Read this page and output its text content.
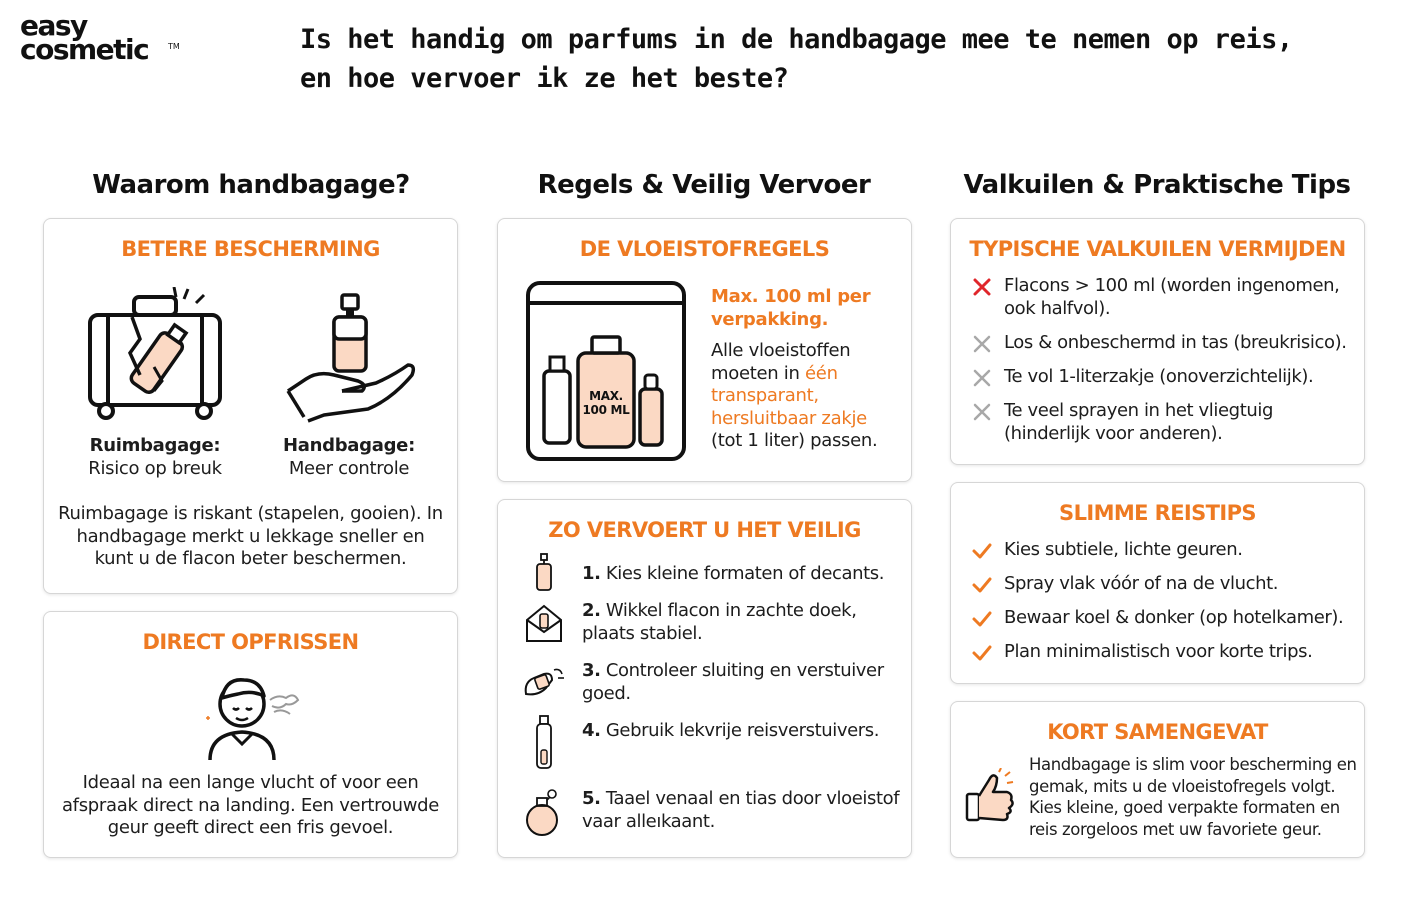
easy
cosmetic	TM	Is het handig om parfums in de handbagage mee te nemen op reis, en hoe vervoer ik ze het beste?
Waarom handbagage?	Regels & Veilig Vervoer	Valkuilen & Praktische Tips
BETERE BESCHERMING
Ruimbagage:
Risico op breuk
Handbagage:
Meer controle
Ruimbagage is riskant (stapelen, gooien). In handbagage merkt u lekkage sneller en kunt u de flacon beter beschermen.
DIRECT OPFRISSEN
Ideaal na een lange vlucht of voor een afspraak direct na landing. Een vertrouwde geur geeft direct een fris gevoel.
DE VLOEISTOFREGELS
MAX.
100 ML
Max. 100 ml per verpakking.
Alle vloeistoffen moeten in één transparant, hersluitbaar zakje (tot 1 liter) passen.
ZO VERVOERT U HET VEILIG
1. Kies kleine formaten of decants.
2. Wikkel flacon in zachte doek, plaats stabiel.
3. Controleer sluiting en verstuiver goed.
4. Gebruik lekvrije reisverstuivers.
5. Taael venaal en tias door vloeistof vaar alleıkaant.
TYPISCHE VALKUILEN VERMIJDEN
Flacons > 100 ml (worden ingenomen, ook halfvol).
Los & onbeschermd in tas (breukrisico).
Te vol 1-literzakje (onoverzichtelijk).
Te veel sprayen in het vliegtuig (hinderlijk voor anderen).
SLIMME REISTIPS
Kies subtiele, lichte geuren.
Spray vlak vóór of na de vlucht.
Bewaar koel & donker (op hotelkamer).
Plan minimalistisch voor korte trips.
KORT SAMENGEVAT
Handbagage is slim voor bescherming en gemak, mits u de vloeistofregels volgt. Kies kleine, goed verpakte formaten en reis zorgeloos met uw favoriete geur.
